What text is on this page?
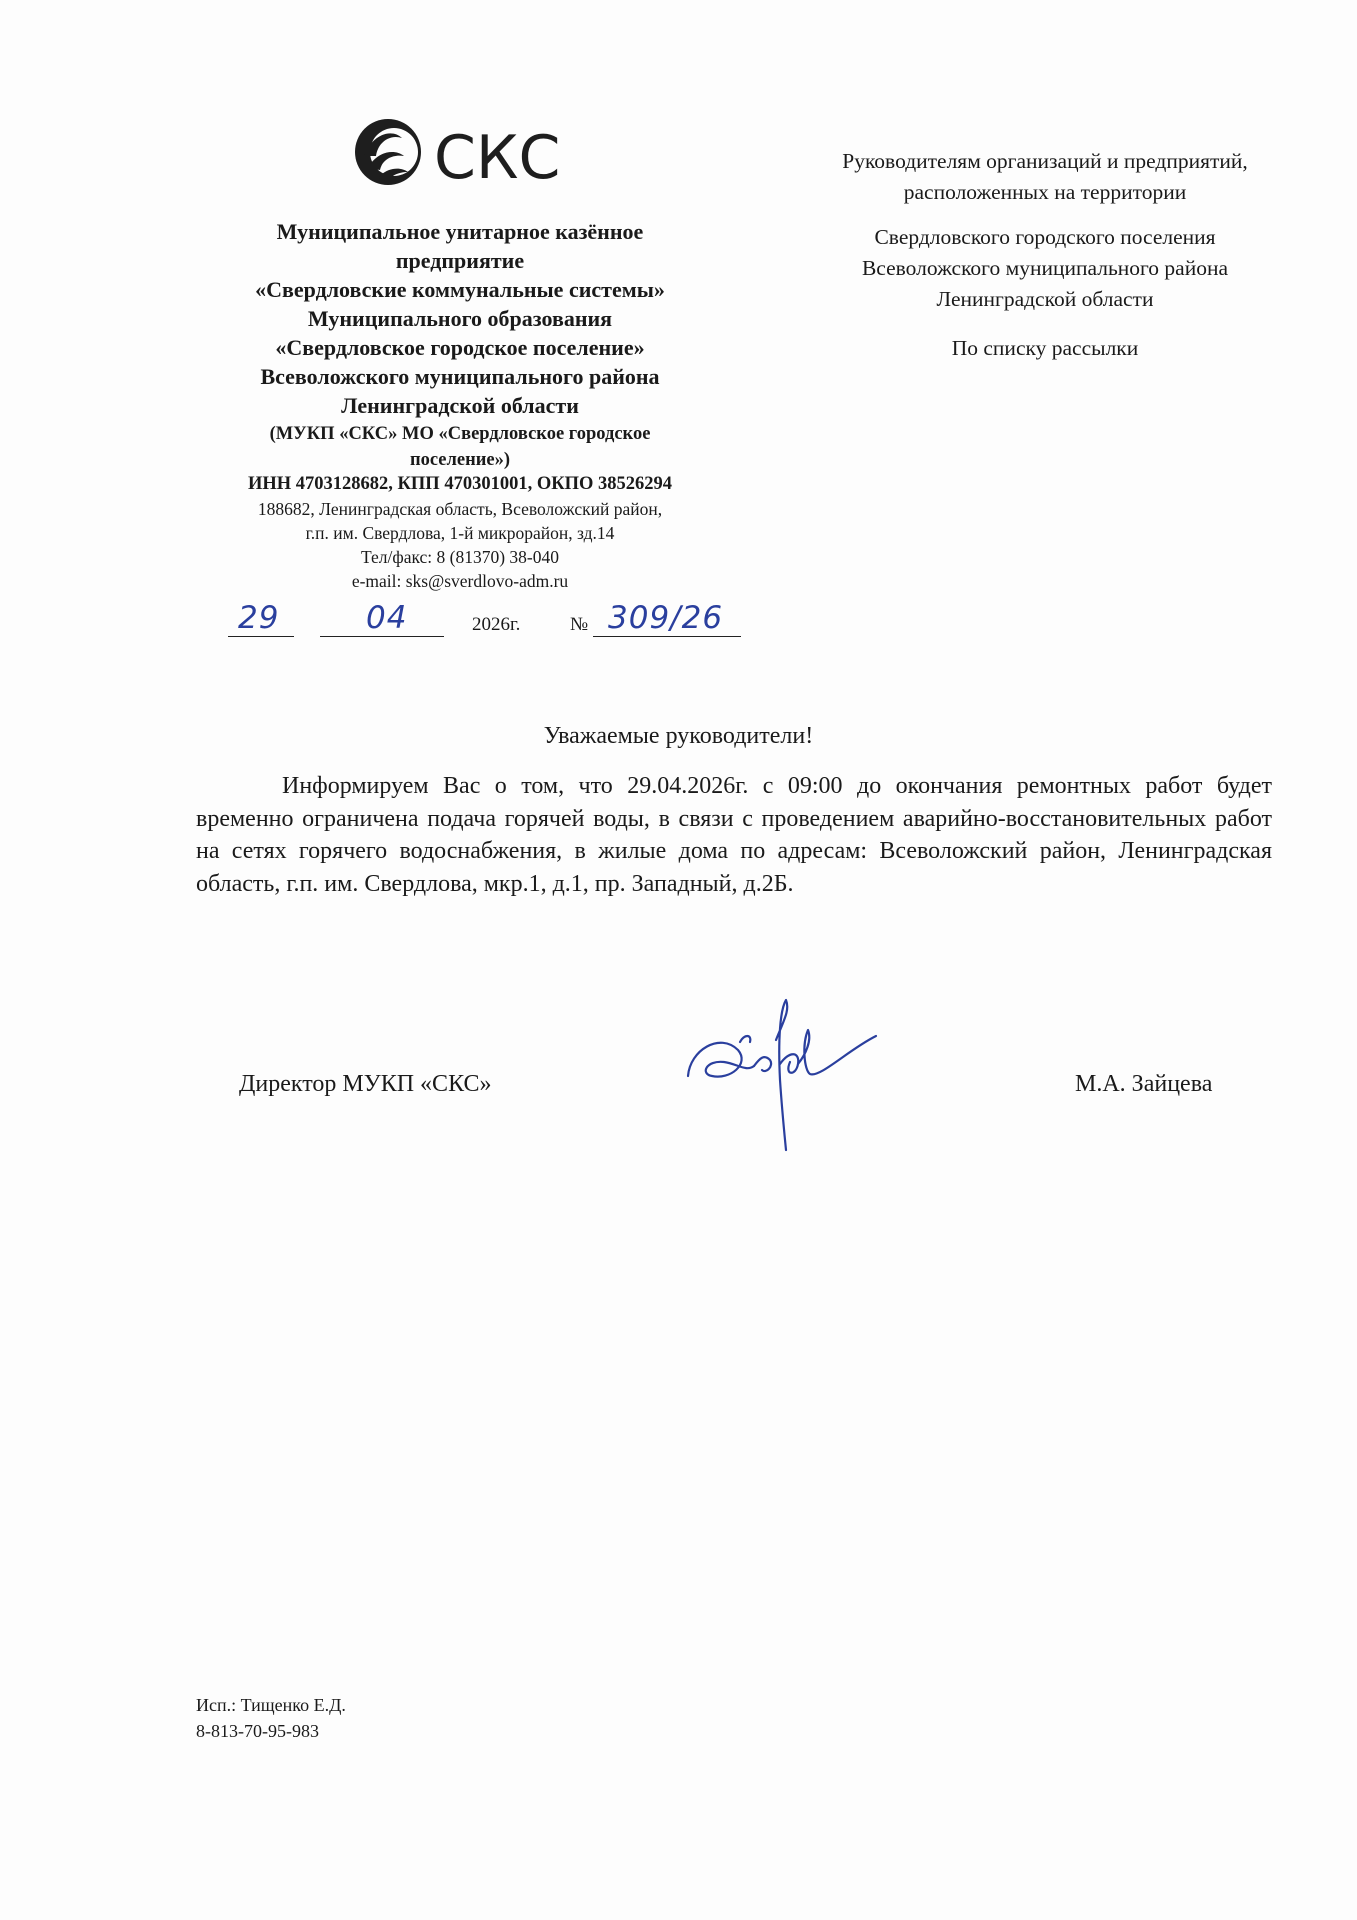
СКС
Муниципальное унитарное казённое
предприятие
«Свердловские коммунальные системы»
Муниципального образования
«Свердловское городское поселение»
Всеволожского муниципального района
Ленинградской области
(МУКП «СКС» МО «Свердловское городское
поселение»)
ИНН 4703128682, КПП 470301001, ОКПО 38526294
188682, Ленинградская область, Всеволожский район,
г.п. им. Свердлова, 1-й микрорайон, зд.14
Тел/факс: 8 (81370) 38-040
e-mail: sks@sverdlovo-adm.ru
Руководителям организаций и предприятий,
расположенных на территории
Свердловского городского поселения
Всеволожского муниципального района
Ленинградской области
По списку рассылки
29	04	2026г.	№ 309/26
Уважаемые руководители!
Информируем Вас о том, что 29.04.2026г. с 09:00 до окончания ремонтных работ будет временно ограничена подача горячей воды, в связи с проведением аварийно-восстановительных работ на сетях горячего водоснабжения, в жилые дома по адресам: Всеволожский район, Ленинградская область, г.п. им. Свердлова, мкр.1, д.1, пр. Западный, д.2Б.
Директор МУКП «СКС»	М.А. Зайцева
Исп.: Тищенко Е.Д.
8-813-70-95-983
